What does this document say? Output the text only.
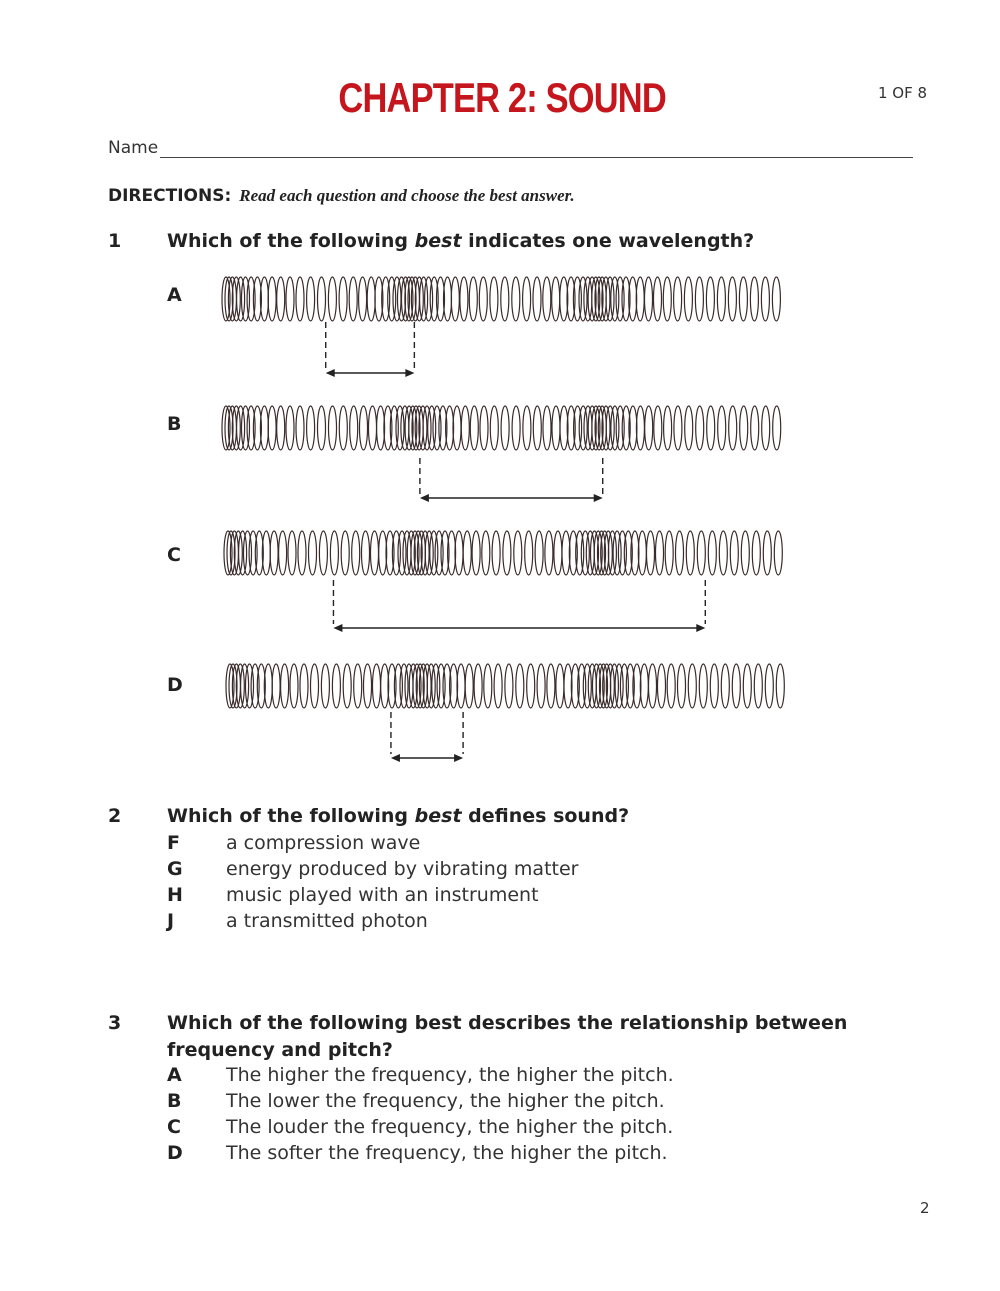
CHAPTER 2: SOUND	1 OF 8
Name
DIRECTIONS: Read each question and choose the best answer.
1 Which of the following best indicates one wavelength?
A
B
C
D
2 Which of the following best defines sound?
F a compression wave
G energy produced by vibrating matter
H music played with an instrument
J	a transmitted photon
3 Which of the following best describes the relationship between
frequency and pitch?
A The higher the frequency, the higher the pitch.
B The lower the frequency, the higher the pitch.
C The louder the frequency, the higher the pitch.
D The softer the frequency, the higher the pitch.
2
